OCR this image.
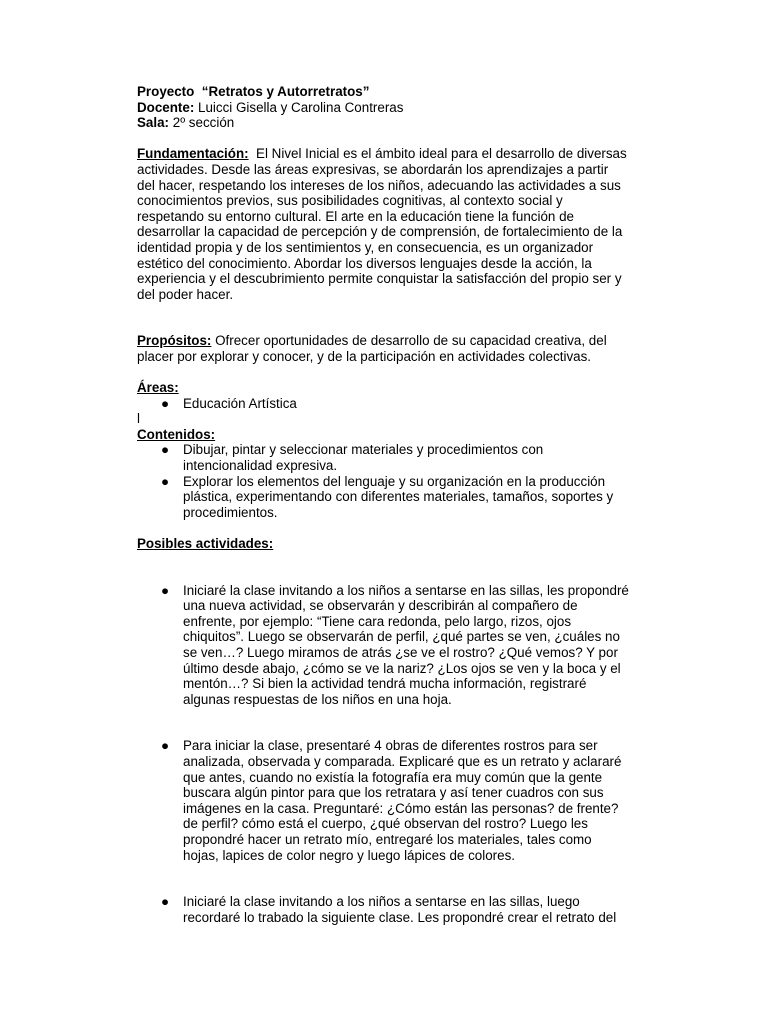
Proyecto “Retratos y Autorretratos”

Docente: Luicci Gisella y Carolina Contreras

Sala: 2º sección

Fundamentación: El Nivel Inicial es el ámbito ideal para el desarrollo de diversas

actividades. Desde las áreas expresivas, se abordarán los aprendizajes a partir

del hacer, respetando los intereses de los niños, adecuando las actividades a sus

conocimientos previos, sus posibilidades cognitivas, al contexto social y

respetando su entorno cultural. El arte en la educación tiene la función de

desarrollar la capacidad de percepción y de comprensión, de fortalecimiento de la

identidad propia y de los sentimientos y, en consecuencia, es un organizador

estético del conocimiento. Abordar los diversos lenguajes desde la acción, la

experiencia y el descubrimiento permite conquistar la satisfacción del propio ser y

del poder hacer.

Propósitos: Ofrecer oportunidades de desarrollo de su capacidad creativa, del

placer por explorar y conocer, y de la participación en actividades colectivas.

Áreas:

● Educación Artística

l

Contenidos:

● Dibujar, pintar y seleccionar materiales y procedimientos con

intencionalidad expresiva.

● Explorar los elementos del lenguaje y su organización en la producción

plástica, experimentando con diferentes materiales, tamaños, soportes y

procedimientos.

Posibles actividades:

● Iniciaré la clase invitando a los niños a sentarse en las sillas, les propondré

una nueva actividad, se observarán y describirán al compañero de

enfrente, por ejemplo: “Tiene cara redonda, pelo largo, rizos, ojos

chiquitos”. Luego se observarán de perfil, ¿qué partes se ven, ¿cuáles no

se ven…? Luego miramos de atrás ¿se ve el rostro? ¿Qué vemos? Y por

último desde abajo, ¿cómo se ve la nariz? ¿Los ojos se ven y la boca y el

mentón…? Si bien la actividad tendrá mucha información, registraré

algunas respuestas de los niños en una hoja.

● Para iniciar la clase, presentaré 4 obras de diferentes rostros para ser

analizada, observada y comparada. Explicaré que es un retrato y aclararé

que antes, cuando no existía la fotografía era muy común que la gente

buscara algún pintor para que los retratara y así tener cuadros con sus

imágenes en la casa. Preguntaré: ¿Cómo están las personas? de frente?

de perfil? cómo está el cuerpo, ¿qué observan del rostro? Luego les

propondré hacer un retrato mío, entregaré los materiales, tales como

hojas, lapices de color negro y luego lápices de colores.

● Iniciaré la clase invitando a los niños a sentarse en las sillas, luego

recordaré lo trabado la siguiente clase. Les propondré crear el retrato del
